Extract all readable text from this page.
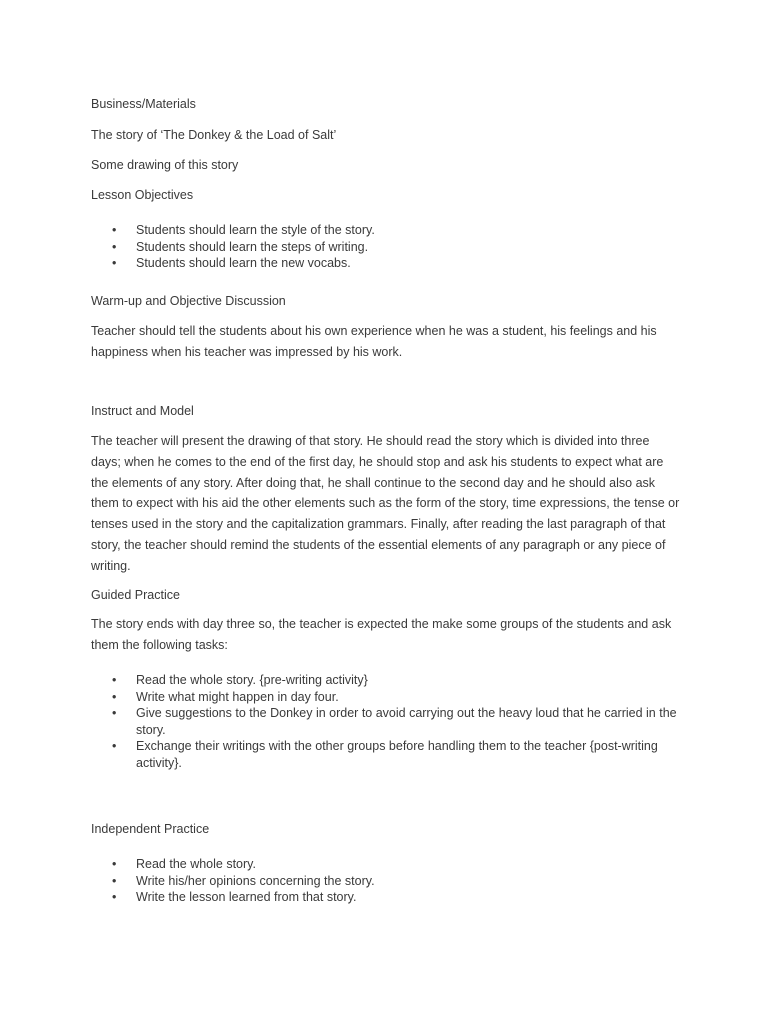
Business/Materials

The story of ‘The Donkey & the Load of Salt’

Some drawing of this story

Lesson Objectives

• Students should learn the style of the story.
• Students should learn the steps of writing.
• Students should learn the new vocabs.

Warm-up and Objective Discussion

Teacher should tell the students about his own experience when he was a student, his feelings and his happiness when his teacher was impressed by his work.

Instruct and Model

The teacher will present the drawing of that story. He should read the story which is divided into three days; when he comes to the end of the first day, he should stop and ask his students to expect what are the elements of any story. After doing that, he shall continue to the second day and he should also ask them to expect with his aid the other elements such as the form of the story, time expressions, the tense or tenses used in the story and the capitalization grammars. Finally, after reading the last paragraph of that story, the teacher should remind the students of the essential elements of any paragraph or any piece of writing.

Guided Practice

The story ends with day three so, the teacher is expected the make some groups of the students and ask them the following tasks:

• Read the whole story. {pre-writing activity}
• Write what might happen in day four.
• Give suggestions to the Donkey in order to avoid carrying out the heavy loud that he carried in the story.
• Exchange their writings with the other groups before handling them to the teacher {post-writing activity}.

Independent Practice

• Read the whole story.
• Write his/her opinions concerning the story.
• Write the lesson learned from that story.
